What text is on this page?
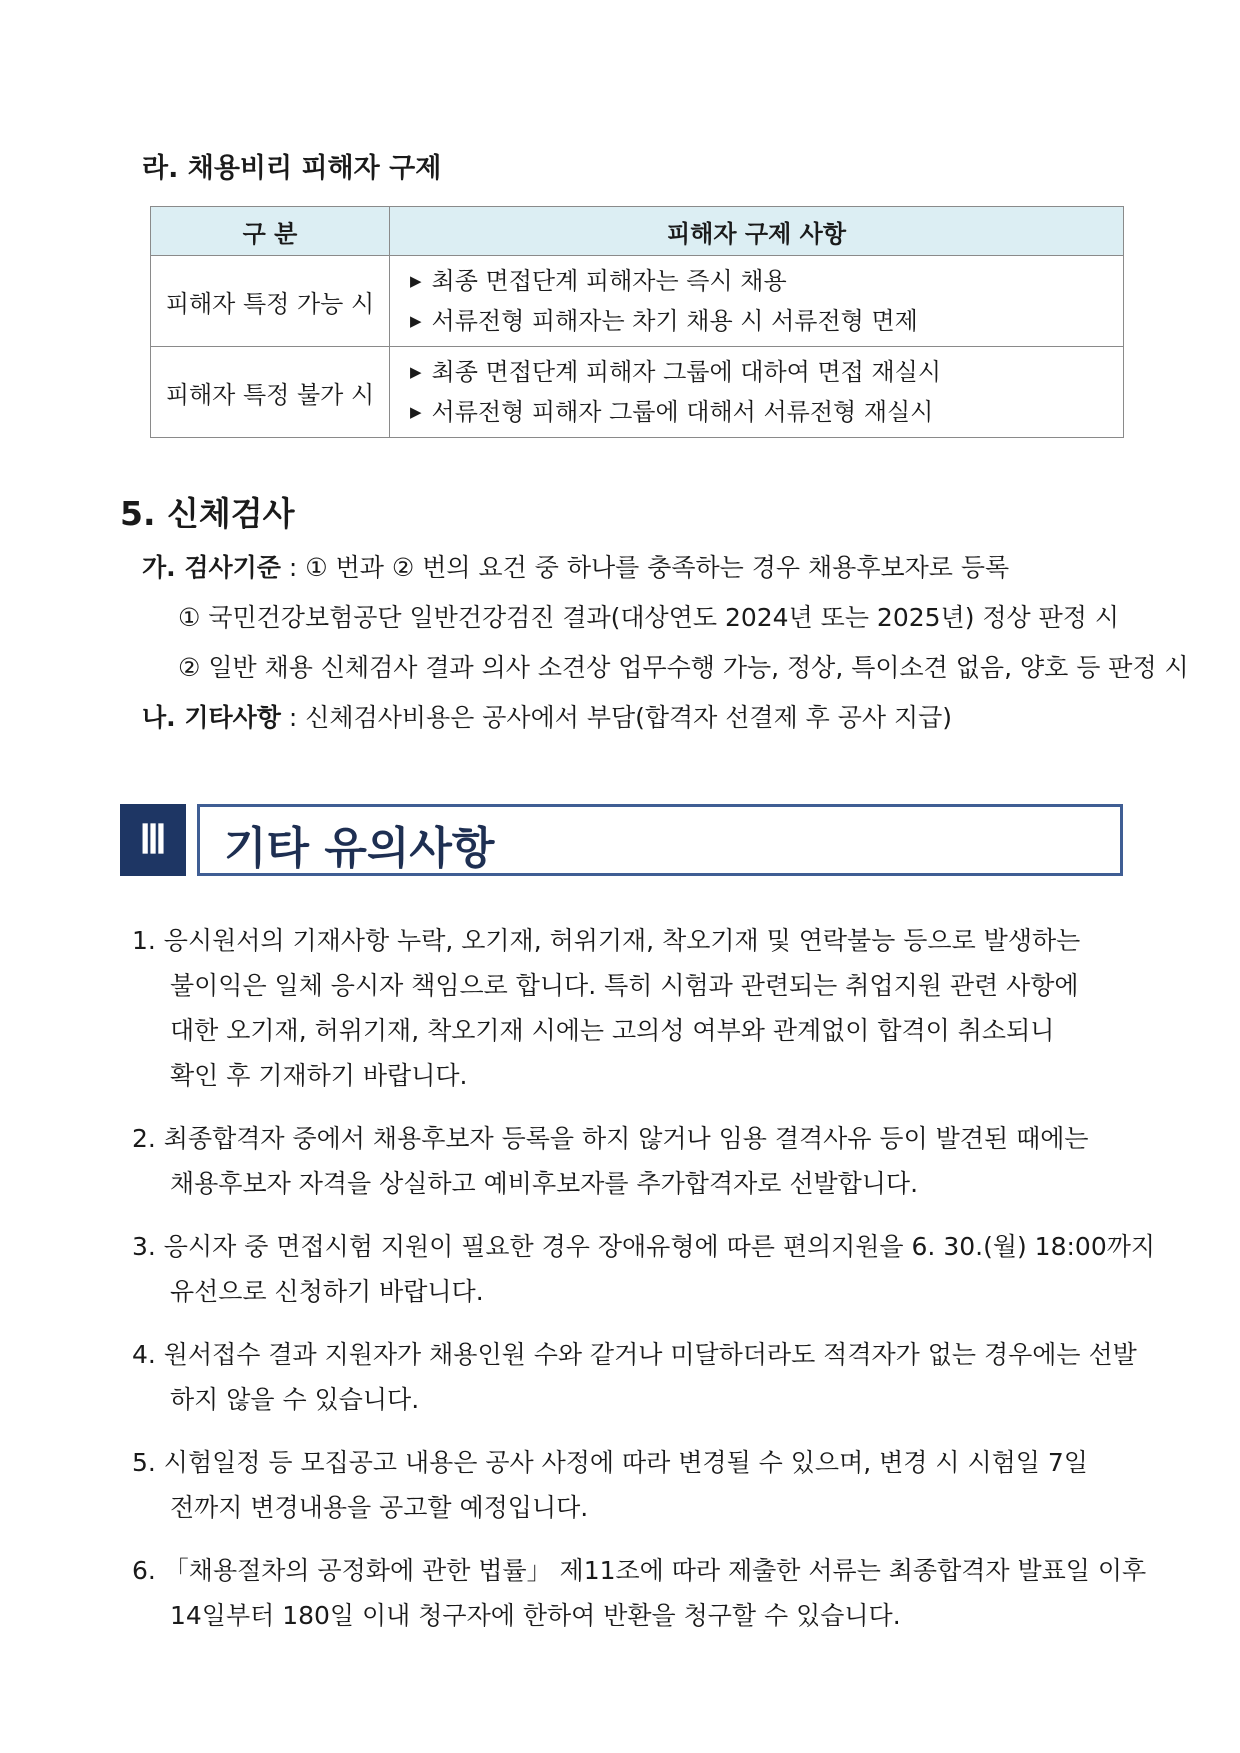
라. 채용비리 피해자 구제
구 분	피해자 구제 사항
피해자 특정 가능 시	▶ 최종 면접단계 피해자는 즉시 채용
▶ 서류전형 피해자는 차기 채용 시 서류전형 면제

피해자 특정 불가 시	▶ 최종 면접단계 피해자 그룹에 대하여 면접 재실시
▶ 서류전형 피해자 그룹에 대해서 서류전형 재실시
5. 신체검사
가. 검사기준 : ① 번과 ② 번의 요건 중 하나를 충족하는 경우 채용후보자로 등록
① 국민건강보험공단 일반건강검진 결과(대상연도 2024년 또는 2025년) 정상 판정 시
② 일반 채용 신체검사 결과 의사 소견상 업무수행 가능, 정상, 특이소견 없음, 양호 등 판정 시
나. 기타사항 : 신체검사비용은 공사에서 부담(합격자 선결제 후 공사 지급)
Ⅲ	기타 유의사항
1. 응시원서의 기재사항 누락, 오기재, 허위기재, 착오기재 및 연락불능 등으로 발생하는
불이익은 일체 응시자 책임으로 합니다. 특히 시험과 관련되는 취업지원 관련 사항에
대한 오기재, 허위기재, 착오기재 시에는 고의성 여부와 관계없이 합격이 취소되니
확인 후 기재하기 바랍니다.
2. 최종합격자 중에서 채용후보자 등록을 하지 않거나 임용 결격사유 등이 발견된 때에는
채용후보자 자격을 상실하고 예비후보자를 추가합격자로 선발합니다.
3. 응시자 중 면접시험 지원이 필요한 경우 장애유형에 따른 편의지원을 6. 30.(월) 18:00까지
유선으로 신청하기 바랍니다.
4. 원서접수 결과 지원자가 채용인원 수와 같거나 미달하더라도 적격자가 없는 경우에는 선발
하지 않을 수 있습니다.
5. 시험일정 등 모집공고 내용은 공사 사정에 따라 변경될 수 있으며, 변경 시 시험일 7일
전까지 변경내용을 공고할 예정입니다.
6. 「채용절차의 공정화에 관한 법률」 제11조에 따라 제출한 서류는 최종합격자 발표일 이후
14일부터 180일 이내 청구자에 한하여 반환을 청구할 수 있습니다.
